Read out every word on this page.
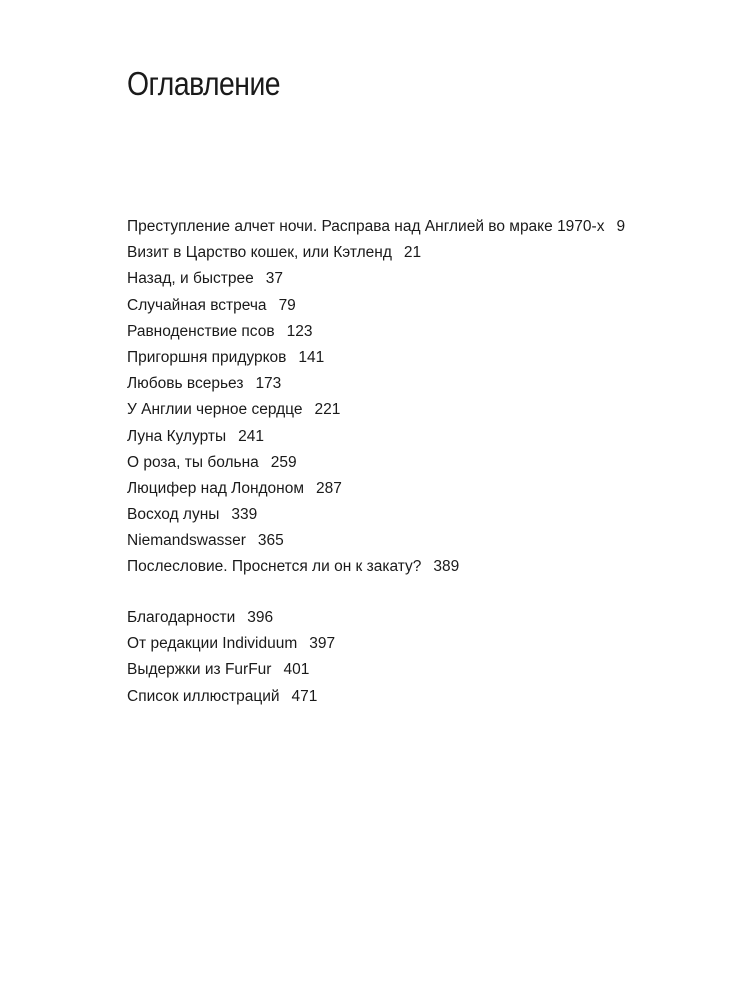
Оглавление
Преступление алчет ночи. Расправа над Англией во мраке 1970-х 9
Визит в Царство кошек, или Кэтленд 21
Назад, и быстрее 37
Случайная встреча 79
Равноденствие псов 123
Пригоршня придурков 141
Любовь всерьез 173
У Англии черное сердце 221
Луна Кулурты 241
О роза, ты больна 259
Люцифер над Лондоном 287
Восход луны 339
Niemandswasser 365
Послесловие. Проснется ли он к закату? 389
Благодарности 396
От редакции Individuum 397
Выдержки из FurFur 401
Список иллюстраций 471
